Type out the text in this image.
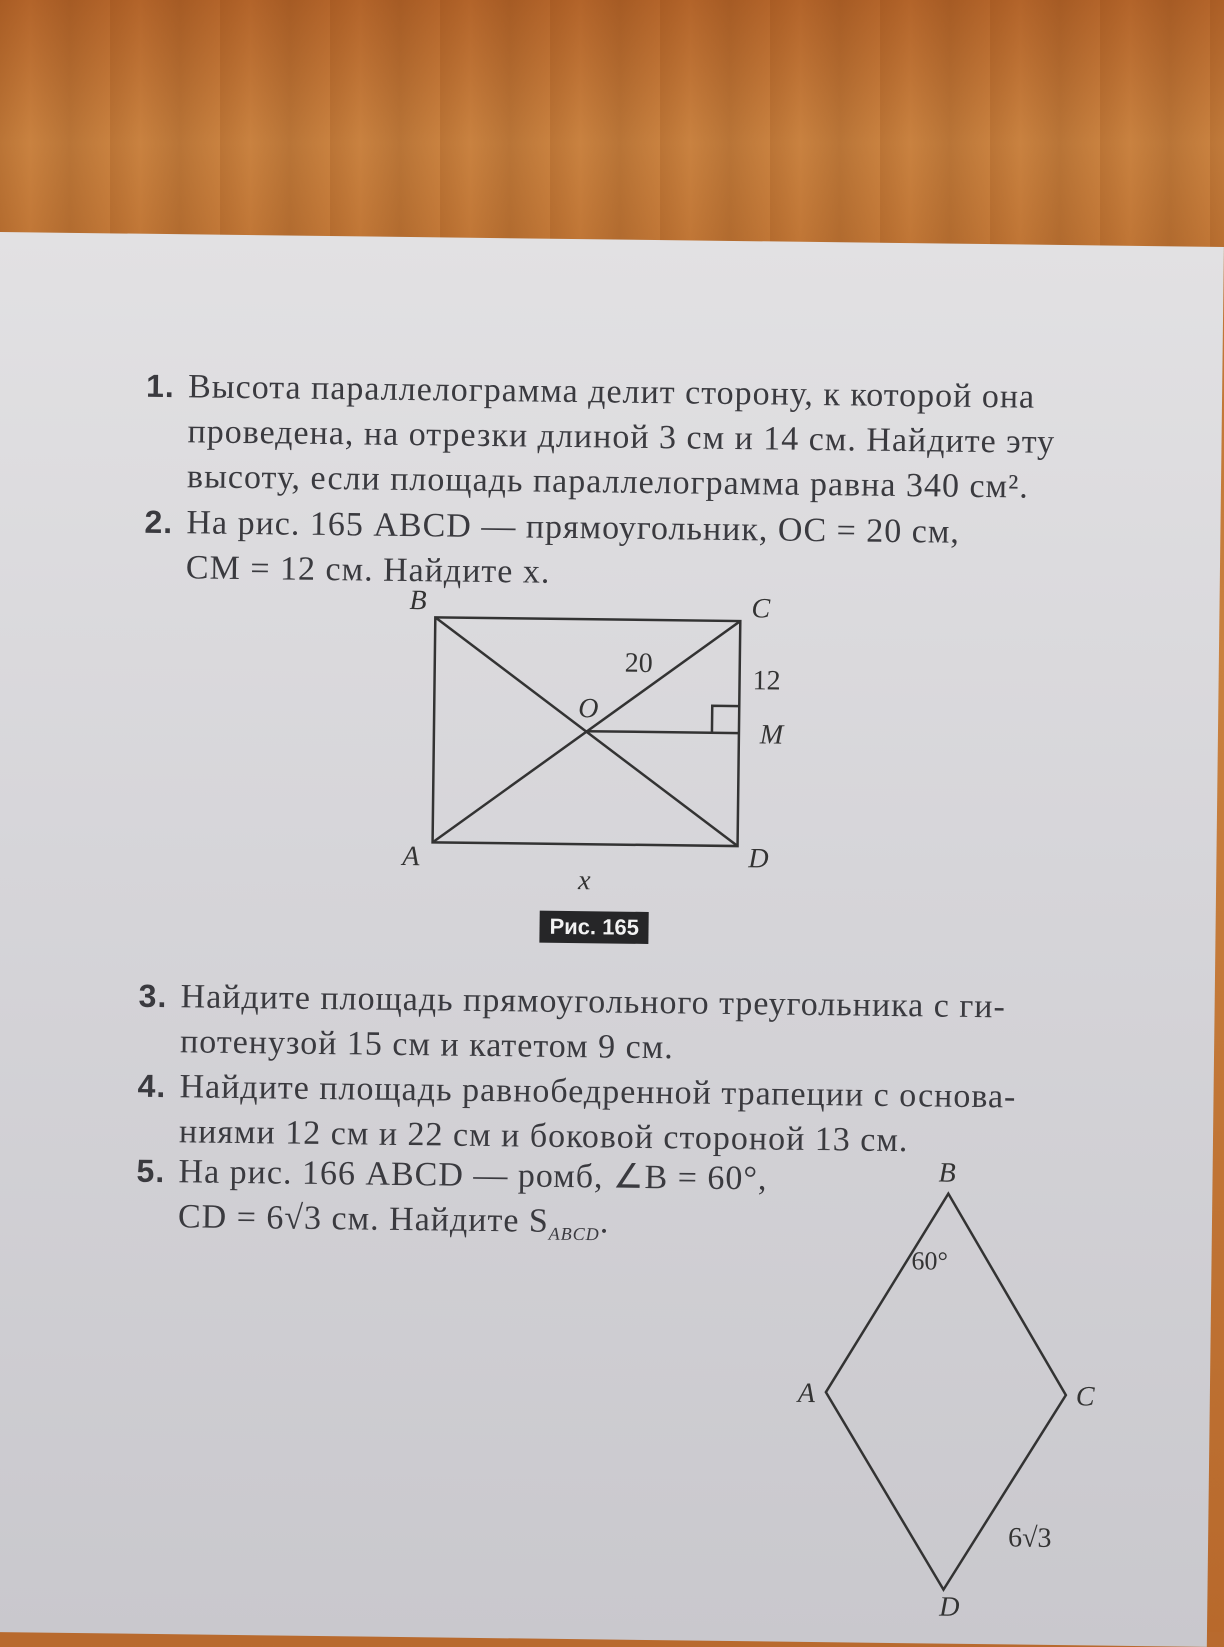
1. Высота параллелограмма делит сторону, к которой она
проведена, на отрезки длиной 3 см и 14 см. Найдите эту
высоту, если площадь параллелограмма равна 340 см².
2. На рис. 165 ABCD — прямоугольник, OC = 20 см,
CM = 12 см. Найдите x.
B	C
A	D
O
M
20
12
x
Рис. 165
3. Найдите площадь прямоугольного треугольника с ги-
потенузой 15 см и катетом 9 см.
4. Найдите площадь равнобедренной трапеции с основа-
ниями 12 см и 22 см и боковой стороной 13 см.
5. На рис. 166 ABCD — ромб, ∠B = 60°,
CD = 6√3 см. Найдите $S_{ABCD}$.
B
A	C
D
60°
6√3
